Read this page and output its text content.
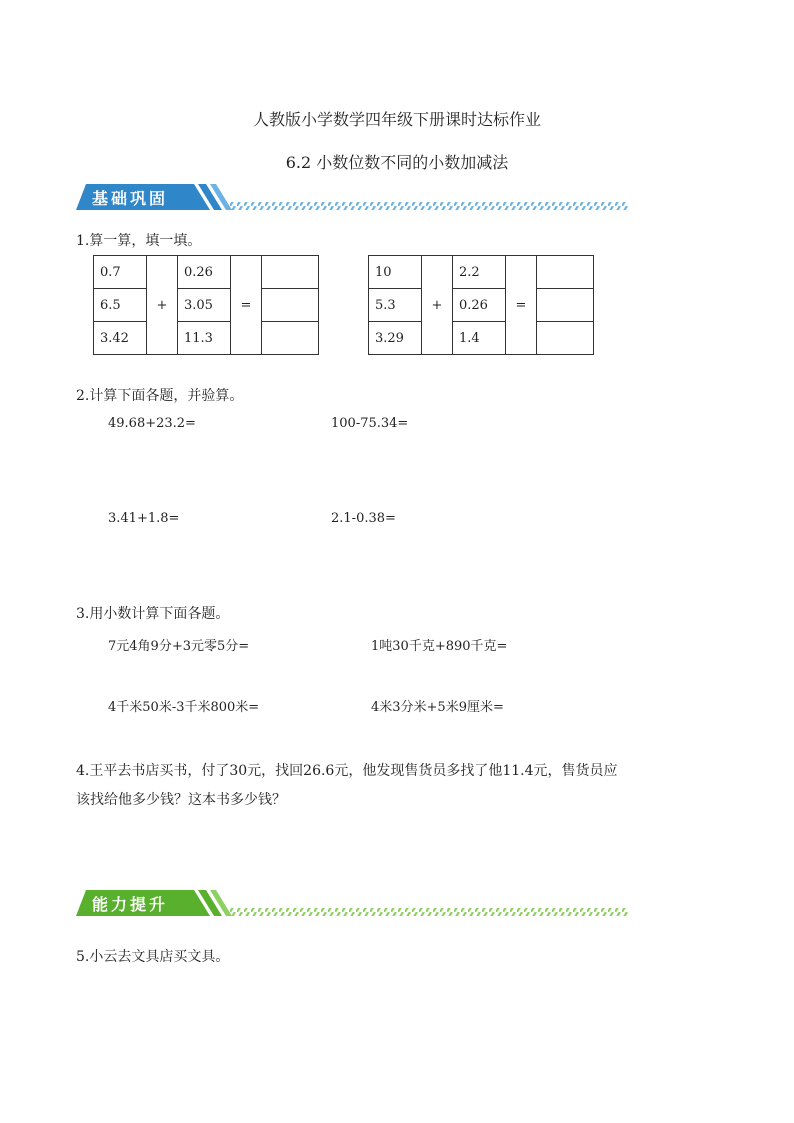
人教版小学数学四年级下册课时达标作业
6.2 小数位数不同的小数加减法
基础巩固
1.算一算，填一填。
0.7	+	0.26	=	
6.5		3.05		
3.42		11.3		
10	+	2.2	=	
5.3		0.26		
3.29		1.4		
2.计算下面各题，并验算。
49.68+23.2=	100-75.34=
3.41+1.8=	2.1-0.38=
3.用小数计算下面各题。
7元4角9分+3元零5分=	1吨30千克+890千克=
4千米50米-3千米800米=	4米3分米+5米9厘米=
4.王平去书店买书，付了30元，找回26.6元，他发现售货员多找了他11.4元，售货员应
该找给他多少钱？这本书多少钱？
能力提升
5.小云去文具店买文具。
